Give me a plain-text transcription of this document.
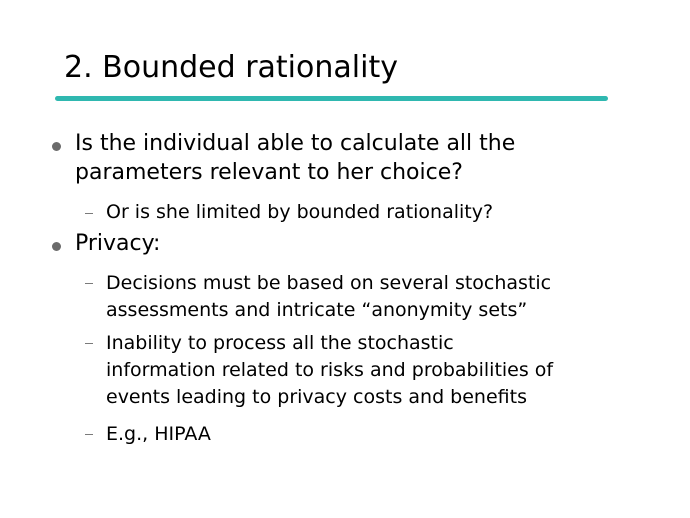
2. Bounded rationality
Is the individual able to calculate all the
parameters relevant to her choice?
Or is she limited by bounded rationality?
Privacy:
Decisions must be based on several stochastic
assessments and intricate “anonymity sets”
Inability to process all the stochastic
information related to risks and probabilities of
events leading to privacy costs and benefits
E.g., HIPAA
